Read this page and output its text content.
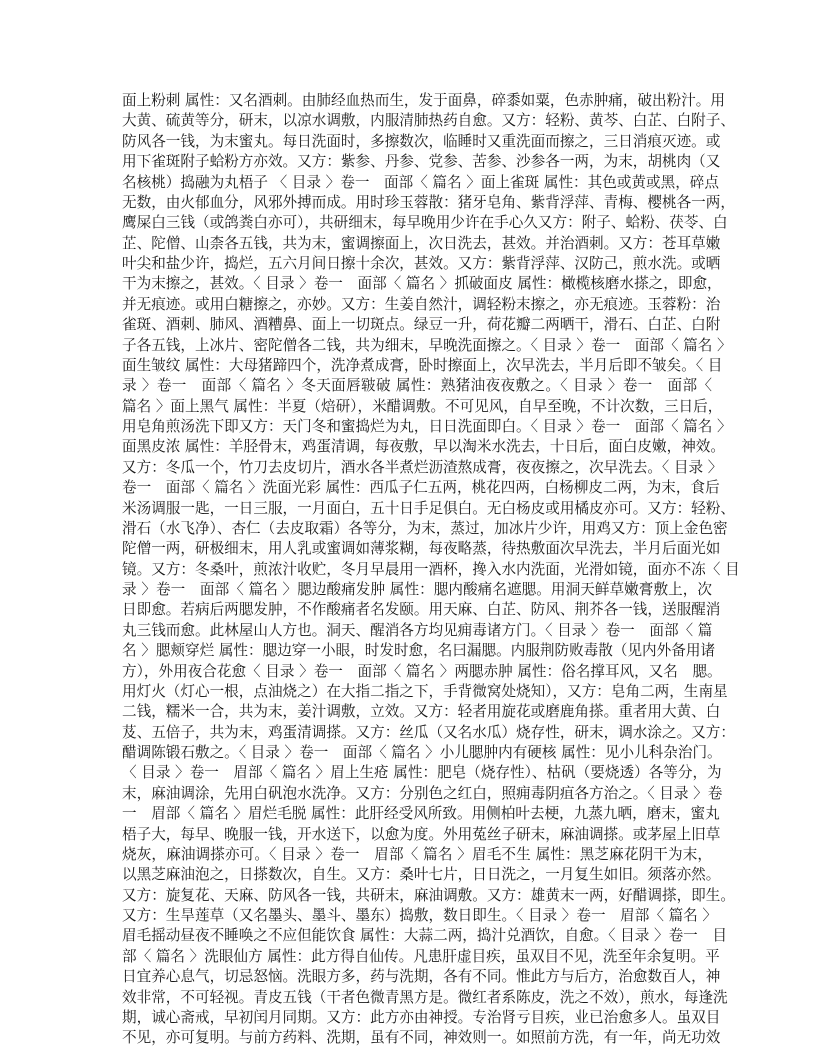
面上粉刺 属性：又名酒刺。由肺经血热而生，发于面鼻，碎黍如粟，色赤肿痛，破出粉汁。用
大黄、硫黄等分，研末，以凉水调敷，内服清肺热药自愈。又方：轻粉、黄芩、白芷、白附子、
防风各一钱，为末蜜丸。每日洗面时，多擦数次，临睡时又重洗面而擦之，三日消痕灭迹。或
用下雀斑附子蛤粉方亦效。又方：紫参、丹参、党参、苦参、沙参各一两，为末，胡桃肉（又
名核桃）捣融为丸梧子 〈 目录 〉卷一　面部〈 篇名 〉面上雀斑 属性：其色或黄或黑，碎点
无数，由火郁血分，风邪外搏而成。用时珍玉蓉散：猪牙皂角、紫背浮萍、青梅、樱桃各一两，
鹰屎白三钱（或鸽粪白亦可），共研细末，每早晚用少许在手心久又方：附子、蛤粉、茯苓、白
芷、陀僧、山柰各五钱，共为末，蜜调擦面上，次日洗去，甚效。并治酒刺。又方：苍耳草嫩
叶尖和盐少许，捣烂，五六月间日擦十余次，甚效。又方：紫背浮萍、汉防己，煎水洗。或晒
干为末擦之，甚效。〈 目录 〉卷一　面部〈 篇名 〉抓破面皮 属性：橄榄核磨水搽之，即愈，
并无痕迹。或用白糖擦之，亦妙。又方：生姜自然汁，调轻粉末擦之，亦无痕迹。玉蓉粉：治
雀斑、酒刺、肺风、酒糟鼻、面上一切斑点。绿豆一升，荷花瓣二两晒干，滑石、白芷、白附
子各五钱，上冰片、密陀僧各二钱，共为细末，早晚洗面擦之。〈 目录 〉卷一　面部〈 篇名 〉
面生皱纹 属性：大母猪蹄四个，洗净煮成膏，卧时擦面上，次早洗去，半月后即不皱矣。〈 目
录 〉卷一　面部〈 篇名 〉冬天面唇皲破 属性：熟猪油夜夜敷之。〈 目录 〉卷一　面部〈
篇名 〉面上黑气 属性：半夏（焙研），米醋调敷。不可见风，自早至晚，不计次数，三日后，
用皂角煎汤洗下即又方：天门冬和蜜捣烂为丸，日日洗面即白。〈 目录 〉卷一　面部〈 篇名 〉
面黑皮浓 属性：羊胫骨末，鸡蛋清调，每夜敷，早以淘米水洗去，十日后，面白皮嫩，神效。
又方：冬瓜一个，竹刀去皮切片，酒水各半煮烂沥渣熬成膏，夜夜擦之，次早洗去。〈 目录 〉
卷一　面部〈 篇名 〉洗面光彩 属性：西瓜子仁五两，桃花四两，白杨柳皮二两，为末，食后
米汤调服一匙，一日三服，一月面白，五十日手足俱白。无白杨皮或用橘皮亦可。又方：轻粉、
滑石（水飞净）、杏仁（去皮取霜）各等分，为末，蒸过，加冰片少许，用鸡又方：顶上金色密
陀僧一两，研极细末，用人乳或蜜调如薄浆糊，每夜略蒸，待热敷面次早洗去，半月后面光如
镜。又方：冬桑叶，煎浓汁收贮，冬月早晨用一酒杯，搀入水内洗面，光滑如镜，面亦不冻〈 目
录 〉卷一　面部〈 篇名 〉腮边酸痛发肿 属性：腮内酸痛名遮腮。用洞天鲜草嫩膏敷上，次
日即愈。若病后两腮发肿，不作酸痛者名发颐。用天麻、白芷、防风、荆芥各一钱，送服醒消
丸三钱而愈。此林屋山人方也。洞天、醒消各方均见痈毒诸方门。〈 目录 〉卷一　面部〈 篇
名 〉腮颊穿烂 属性：腮边穿一小眼，时发时愈，名曰漏腮。内服荆防败毒散（见内外备用诸
方），外用夜合花愈〈 目录 〉卷一　面部〈 篇名 〉两腮赤肿 属性：俗名撑耳风，又名　腮。
用灯火（灯心一根，点油烧之）在大指二指之下，手背微窝处烧知），又方：皂角二两，生南星
二钱，糯米一合，共为末，姜汁调敷，立效。又方：轻者用旋花或磨鹿角搽。重者用大黄、白
芨、五倍子，共为末，鸡蛋清调搽。又方：丝瓜（又名水瓜）烧存性，研末，调水涂之。又方：
醋调陈锻石敷之。〈 目录 〉卷一　面部〈 篇名 〉小儿腮肿内有硬核 属性：见小儿科杂治门。
〈 目录 〉卷一　眉部〈 篇名 〉眉上生疮 属性：肥皂（烧存性）、枯矾（要烧透）各等分，为
末，麻油调涂，先用白矾泡水洗净。又方：分别色之红白，照痈毒阴疽各方治之。〈 目录 〉卷
一　眉部〈 篇名 〉眉烂毛脱 属性：此肝经受风所致。用侧柏叶去梗，九蒸九晒，磨末，蜜丸
梧子大，每早、晚服一钱，开水送下，以愈为度。外用菟丝子研末，麻油调搽。或茅屋上旧草
烧灰，麻油调搽亦可。〈 目录 〉卷一　眉部〈 篇名 〉眉毛不生 属性：黑芝麻花阴干为末，
以黑芝麻油泡之，日搽数次，自生。又方：桑叶七片，日日洗之，一月复生如旧。须落亦然。
又方：旋复花、天麻、防风各一钱，共研末，麻油调敷。又方：雄黄末一两，好醋调搽，即生。
又方：生旱莲草（又名墨头、墨斗、墨东）捣敷，数日即生。〈 目录 〉卷一　眉部〈 篇名 〉
眉毛摇动昼夜不睡唤之不应但能饮食 属性：大蒜二两，捣汁兑酒饮，自愈。〈 目录 〉卷一　目
部〈 篇名 〉洗眼仙方 属性：此方得自仙传。凡患肝虚目疾，虽双目不见，洗至年余复明。平
日宜养心息气，切忌怒恼。洗眼方多，药与洗期，各有不同。惟此方与后方，治愈数百人，神
效非常，不可轻视。青皮五钱（干者色微青黑方是。微红者系陈皮，洗之不效），煎水，每逢洗
期，诚心斋戒，早初闰月同期。又方：此方亦由神授。专治肾亏目疾，业已治愈多人。虽双目
不见，亦可复明。与前方药料、洗期，虽有不同，神效则一。如照前方洗，有一年，尚无功效
